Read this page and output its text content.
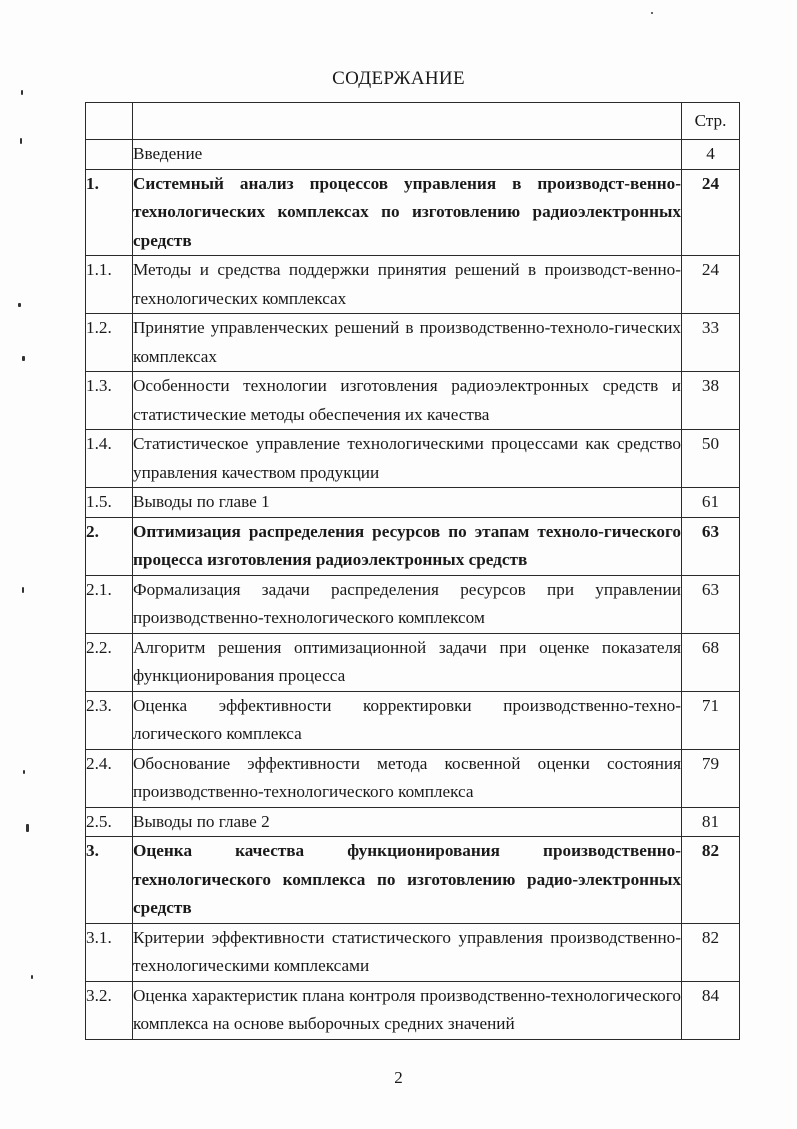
СОДЕРЖАНИЕ
		Стр.
	Введение	4
1.	Системный анализ процессов управления в производст-венно-технологических комплексах по изготовлению радиоэлектронных средств	24
1.1.	Методы и средства поддержки принятия решений в производст-венно-технологических комплексах	24
1.2.	Принятие управленческих решений в производственно-техноло-гических комплексах	33
1.3.	Особенности технологии изготовления радиоэлектронных средств и статистические методы обеспечения их качества	38
1.4.	Статистическое управление технологическими процессами как средство управления качеством продукции	50
1.5.	Выводы по главе 1	61
2.	Оптимизация распределения ресурсов по этапам техноло-гического процесса изготовления радиоэлектронных средств	63
2.1.	Формализация задачи распределения ресурсов при управлении производственно-технологического комплексом	63
2.2.	Алгоритм решения оптимизационной задачи при оценке показателя функционирования процесса	68
2.3.	Оценка эффективности корректировки производственно-техно-логического комплекса	71
2.4.	Обоснование эффективности метода косвенной оценки состояния производственно-технологического комплекса	79
2.5.	Выводы по главе 2	81
3.	Оценка качества функционирования производственно-технологического комплекса по изготовлению радио-электронных средств	82
3.1.	Критерии эффективности статистического управления производственно-технологическими комплексами	82
3.2.	Оценка характеристик плана контроля производственно-технологического комплекса на основе выборочных средних значений	84
2
